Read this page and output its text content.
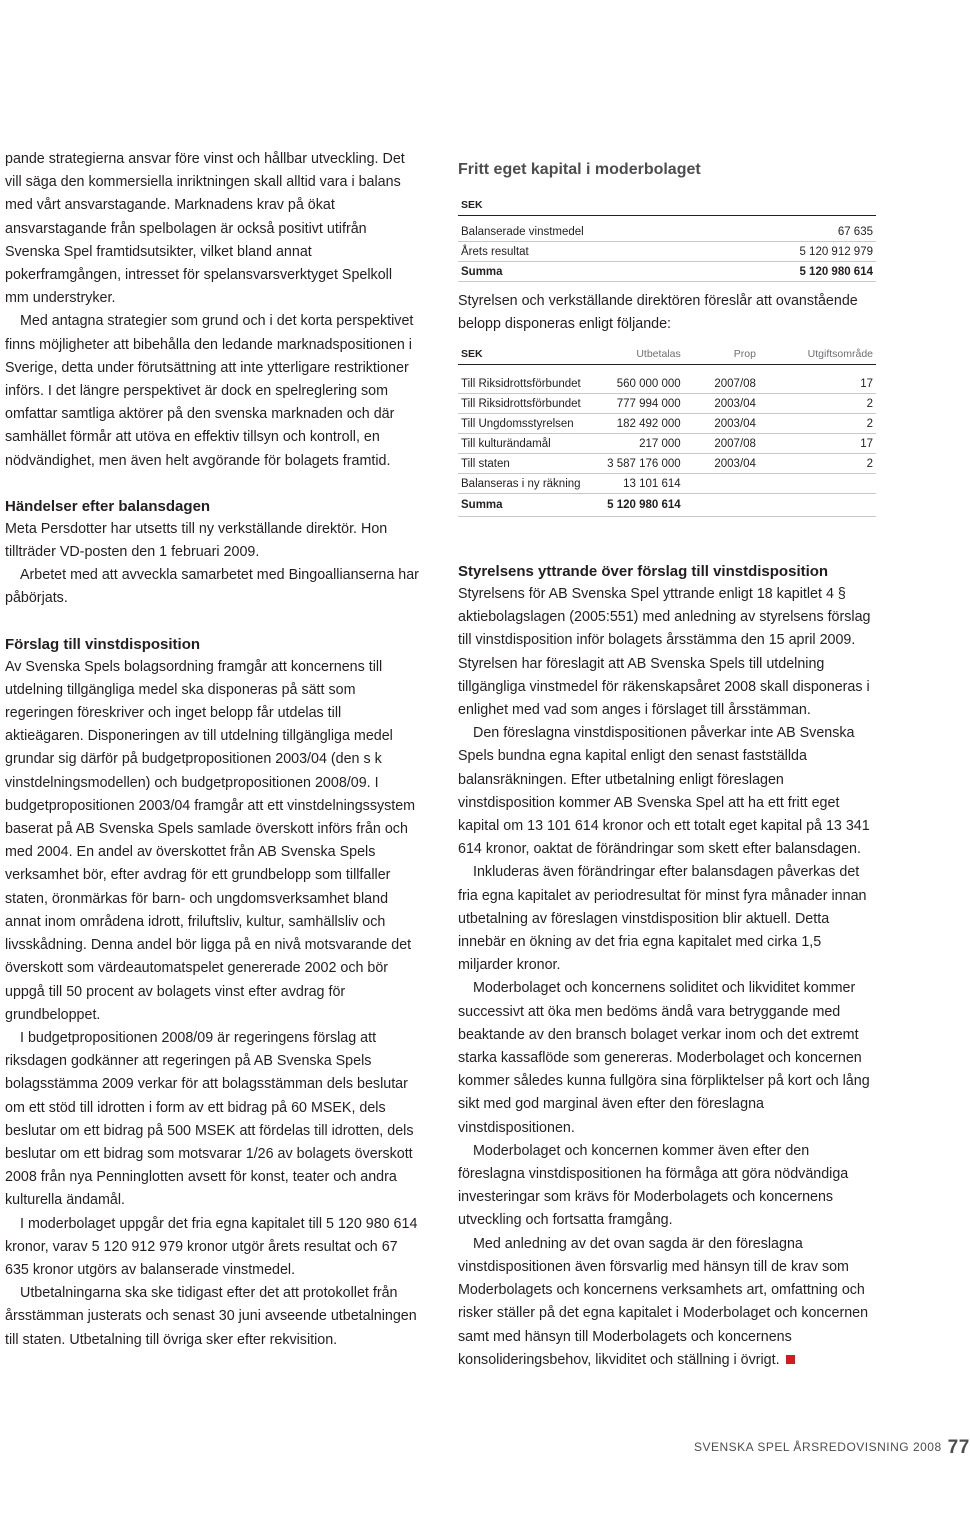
pande strategierna ansvar före vinst och hållbar utveckling. Det vill säga den kommersiella inriktningen skall alltid vara i balans med vårt ansvarstagande. Marknadens krav på ökat ansvarstagande från spelbolagen är också positivt utifrån Svenska Spel framtidsutsikter, vilket bland annat pokerframgången, intresset för spelansvarsverktyget Spelkoll mm understryker.

Med antagna strategier som grund och i det korta perspektivet finns möjligheter att bibehålla den ledande marknadspositionen i Sverige, detta under förutsättning att inte ytterligare restriktioner införs. I det längre perspektivet är dock en spelreglering som omfattar samtliga aktörer på den svenska marknaden och där samhället förmår att utöva en effektiv tillsyn och kontroll, en nödvändighet, men även helt avgörande för bolagets framtid.

Händelser efter balansdagen

Meta Persdotter har utsetts till ny verkställande direktör. Hon tillträder VD-posten den 1 februari 2009.

Arbetet med att avveckla samarbetet med Bingoallianserna har påbörjats.

Förslag till vinstdisposition

Av Svenska Spels bolagsordning framgår att koncernens till utdelning tillgängliga medel ska disponeras på sätt som regeringen föreskriver och inget belopp får utdelas till aktieägaren. Disponeringen av till utdelning tillgängliga medel grundar sig därför på budgetpropositionen 2003/04 (den s k vinstdelningsmodellen) och budgetpropositionen 2008/09. I budgetpropositionen 2003/04 framgår att ett vinstdelningssystem baserat på AB Svenska Spels samlade överskott införs från och med 2004. En andel av överskottet från AB Svenska Spels verksamhet bör, efter avdrag för ett grundbelopp som tillfaller staten, öronmärkas för barn- och ungdomsverksamhet bland annat inom områdena idrott, friluftsliv, kultur, samhällsliv och livsskådning. Denna andel bör ligga på en nivå motsvarande det överskott som värdeautomatspelet genererade 2002 och bör uppgå till 50 procent av bolagets vinst efter avdrag för grundbeloppet.

I budgetpropositionen 2008/09 är regeringens förslag att riksdagen godkänner att regeringen på AB Svenska Spels bolagsstämma 2009 verkar för att bolagsstämman dels beslutar om ett stöd till idrotten i form av ett bidrag på 60 MSEK, dels beslutar om ett bidrag på 500 MSEK att fördelas till idrotten, dels beslutar om ett bidrag som motsvarar 1/26 av bolagets överskott 2008 från nya Penninglotten avsett för konst, teater och andra kulturella ändamål.

I moderbolaget uppgår det fria egna kapitalet till 5 120 980 614 kronor, varav 5 120 912 979 kronor utgör årets resultat och 67 635 kronor utgörs av balanserade vinstmedel.

Utbetalningarna ska ske tidigast efter det att protokollet från årsstämman justerats och senast 30 juni avseende utbetalningen till staten. Utbetalning till övriga sker efter rekvisition.

Fritt eget kapital i moderbolaget
SEK	

Balanserade vinstmedel	67 635
Årets resultat	5 120 912 979
Summa	5 120 980 614

Styrelsen och verkställande direktören föreslår att ovanstående belopp disponeras enligt följande:

SEK	Utbetalas	Prop	Utgiftsområde

Till Riksidrottsförbundet	560 000 000	2007/08	17
Till Riksidrottsförbundet	777 994 000	2003/04	2
Till Ungdomsstyrelsen	182 492 000	2003/04	2
Till kulturändamål	217 000	2007/08	17
Till staten	3 587 176 000	2003/04	2
Balanseras i ny räkning	13 101 614		
Summa	5 120 980 614		
Styrelsens yttrande över förslag till vinstdisposition

Styrelsens för AB Svenska Spel yttrande enligt 18 kapitlet 4 § aktiebolagslagen (2005:551) med anledning av styrelsens förslag till vinstdisposition inför bolagets årsstämma den 15 april 2009. Styrelsen har föreslagit att AB Svenska Spels till utdelning tillgängliga vinstmedel för räkenskapsåret 2008 skall disponeras i enlighet med vad som anges i förslaget till årsstämman.

Den föreslagna vinstdispositionen påverkar inte AB Svenska Spels bundna egna kapital enligt den senast fastställda balansräkningen. Efter utbetalning enligt föreslagen vinstdisposition kommer AB Svenska Spel att ha ett fritt eget kapital om 13 101 614 kronor och ett totalt eget kapital på 13 341 614 kronor, oaktat de förändringar som skett efter balansdagen.

Inkluderas även förändringar efter balansdagen påverkas det fria egna kapitalet av periodresultat för minst fyra månader innan utbetalning av föreslagen vinstdisposition blir aktuell. Detta innebär en ökning av det fria egna kapitalet med cirka 1,5 miljarder kronor.

Moderbolaget och koncernens soliditet och likviditet kommer successivt att öka men bedöms ändå vara betryggande med beaktande av den bransch bolaget verkar inom och det extremt starka kassaflöde som genereras. Moderbolaget och koncernen kommer således kunna fullgöra sina förpliktelser på kort och lång sikt med god marginal även efter den föreslagna vinstdispositionen.

Moderbolaget och koncernen kommer även efter den föreslagna vinstdispositionen ha förmåga att göra nödvändiga investeringar som krävs för Moderbolagets och koncernens utveckling och fortsatta framgång.

Med anledning av det ovan sagda är den föreslagna vinstdispositionen även försvarlig med hänsyn till de krav som Moderbolagets och koncernens verksamhets art, omfattning och risker ställer på det egna kapitalet i Moderbolaget och koncernen samt med hänsyn till Moderbolagets och koncernens konsolideringsbehov, likviditet och ställning i övrigt.

SVENSKA SPEL ÅRSREDOVISNING 2008 77
